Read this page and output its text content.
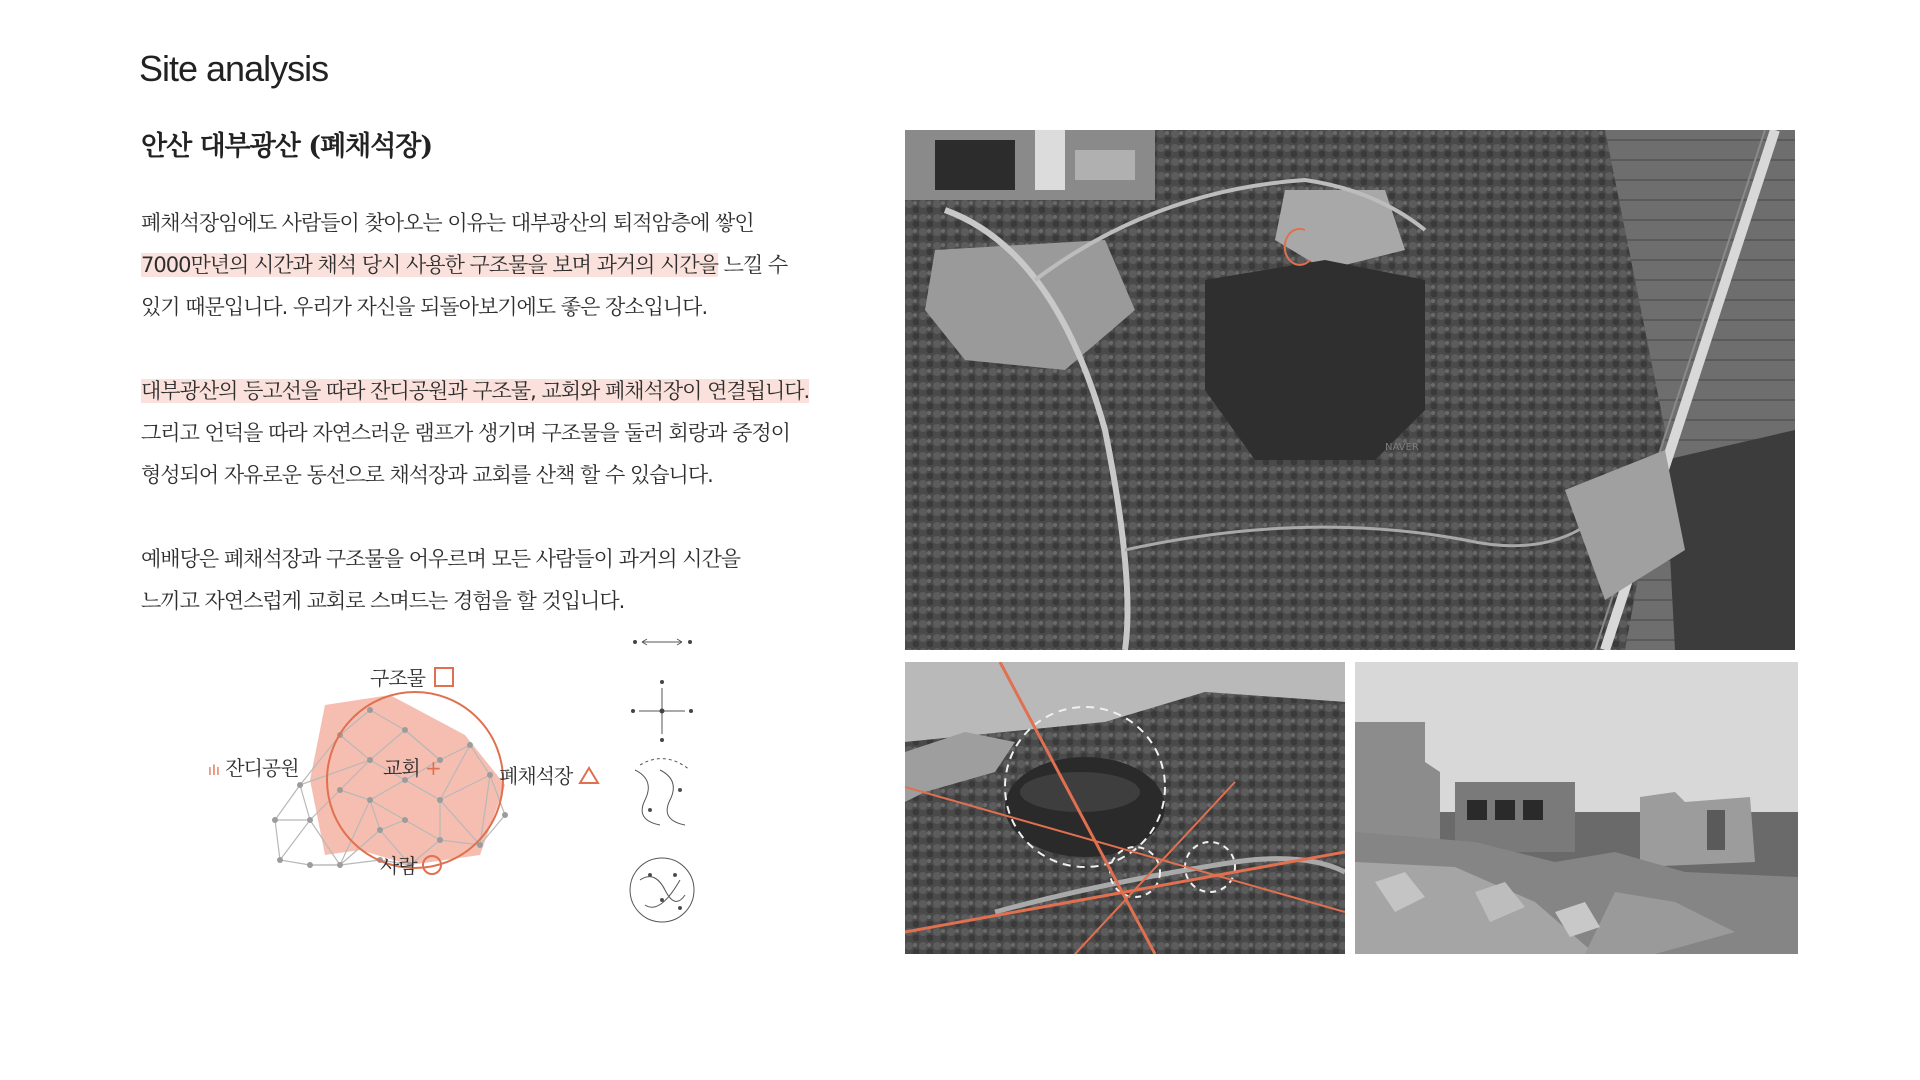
Site analysis
안산 대부광산 (폐채석장)
폐채석장임에도 사람들이 찾아오는 이유는 대부광산의 퇴적암층에 쌓인
7000만년의 시간과 채석 당시 사용한 구조물을 보며 과거의 시간을 느낄 수
있기 때문입니다. 우리가 자신을 되돌아보기에도 좋은 장소입니다.
대부광산의 등고선을 따라 잔디공원과 구조물, 교회와 폐채석장이 연결됩니다.
그리고 언덕을 따라 자연스러운 램프가 생기며 구조물을 둘러 회랑과 중정이
형성되어 자유로운 동선으로 채석장과 교회를 산책 할 수 있습니다.
예배당은 폐채석장과 구조물을 어우르며 모든 사람들이 과거의 시간을
느끼고 자연스럽게 교회로 스며드는 경험을 할 것입니다.
NAVER
구조물
ıIı 잔디공원	교회 +	폐채석장
사람
